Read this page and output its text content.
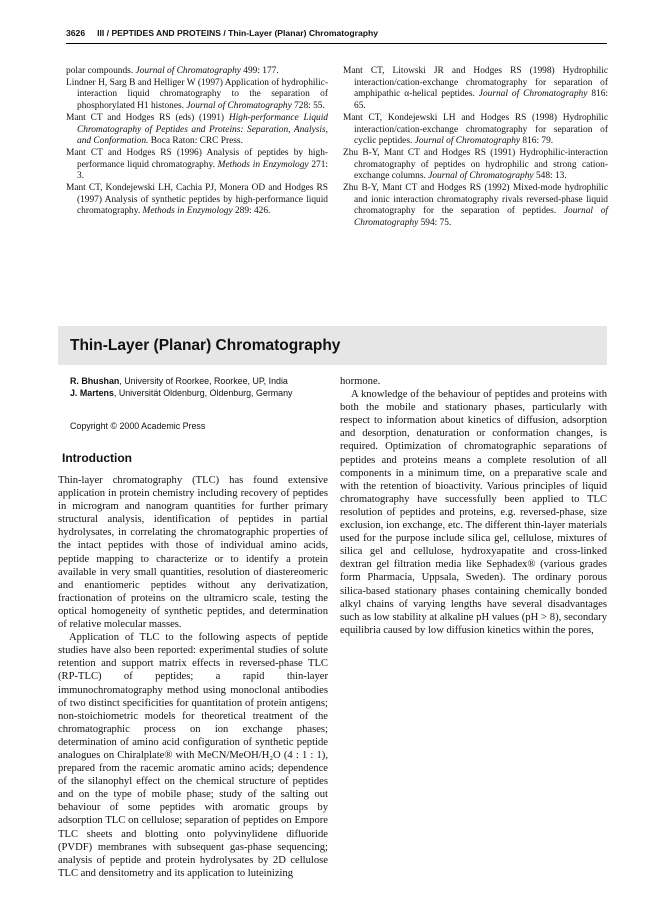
3626 III / PEPTIDES AND PROTEINS / Thin-Layer (Planar) Chromatography

polar compounds. Journal of Chromatography 499: 177.

Lindner H, Sarg B and Helliger W (1997) Application of hydrophilic-interaction liquid chromatography to the separation of phosphorylated H1 histones. Journal of Chromatography 728: 55.

Mant CT and Hodges RS (eds) (1991) High-performance Liquid Chromatography of Peptides and Proteins: Separation, Analysis, and Conformation. Boca Raton: CRC Press.

Mant CT and Hodges RS (1996) Analysis of peptides by high-performance liquid chromatography. Methods in Enzymology 271: 3.

Mant CT, Kondejewski LH, Cachia PJ, Monera OD and Hodges RS (1997) Analysis of synthetic peptides by high-performance liquid chromatography. Methods in Enzymology 289: 426.

Mant CT, Litowski JR and Hodges RS (1998) Hydrophilic interaction/cation-exchange chromatography for separation of amphipathic α-helical peptides. Journal of Chromatography 816: 65.

Mant CT, Kondejewski LH and Hodges RS (1998) Hydrophilic interaction/cation-exchange chromatography for separation of cyclic peptides. Journal of Chromatography 816: 79.

Zhu B-Y, Mant CT and Hodges RS (1991) Hydrophilic-interaction chromatography of peptides on hydrophilic and strong cation-exchange columns. Journal of Chromatography 548: 13.

Zhu B-Y, Mant CT and Hodges RS (1992) Mixed-mode hydrophilic and ionic interaction chromatography rivals reversed-phase liquid chromatography for the separation of peptides. Journal of Chromatography 594: 75.

Thin-Layer (Planar) Chromatography
R. Bhushan, University of Roorkee, Roorkee, UP, India
J. Martens, Universität Oldenburg, Oldenburg, Germany
Copyright © 2000 Academic Press
Introduction

Thin-layer chromatography (TLC) has found extensive application in protein chemistry including recovery of peptides in microgram and nanogram quantities for further primary structural analysis, identification of peptides in partial hydrolysates, in correlating the chromatographic properties of the intact peptides with those of individual amino acids, peptide mapping to characterize or to identify a protein available in very small quantities, resolution of diastereomeric and enantiomeric peptides without any derivatization, fractionation of proteins on the ultramicro scale, testing the optical homogeneity of synthetic peptides, and determination of relative molecular masses.

Application of TLC to the following aspects of peptide studies have also been reported: experimental studies of solute retention and support matrix effects in reversed-phase TLC (RP-TLC) of peptides; a rapid thin-layer immunochromatography method using monoclonal antibodies of two distinct specificities for quantitation of protein antigens; non-stoichiometric models for theoretical treatment of the chromatographic process on ion exchange phases; determination of amino acid configuration of synthetic peptide analogues on Chiralplate® with MeCN/MeOH/H₂O (4 : 1 : 1), prepared from the racemic aromatic amino acids; dependence of the silanophyl effect on the chemical structure of peptides and on the type of mobile phase; study of the salting out behaviour of some peptides with aromatic groups by adsorption TLC on cellulose; separation of peptides on Empore TLC sheets and blotting onto polyvinylidene difluoride (PVDF) membranes with subsequent gas-phase sequencing; analysis of peptide and protein hydrolysates by 2D cellulose TLC and densitometry and its application to luteinizing

hormone.

A knowledge of the behaviour of peptides and proteins with both the mobile and stationary phases, particularly with respect to information about kinetics of diffusion, adsorption and desorption, denaturation or conformation changes, is required. Optimization of chromatographic separations of peptides and proteins means a complete resolution of all components in a minimum time, on a preparative scale and with the retention of bioactivity. Various principles of liquid chromatography have successfully been applied to TLC resolution of peptides and proteins, e.g. reversed-phase, size exclusion, ion exchange, etc. The different thin-layer materials used for the purpose include silica gel, cellulose, mixtures of silica gel and cellulose, hydroxyapatite and cross-linked dextran gel filtration media like Sephadex® (various grades form Pharmacia, Uppsala, Sweden). The ordinary porous silica-based stationary phases containing chemically bonded alkyl chains of varying lengths have several disadvantages such as low stability at alkaline pH values (pH > 8), secondary equilibria caused by low diffusion kinetics within the pores,
